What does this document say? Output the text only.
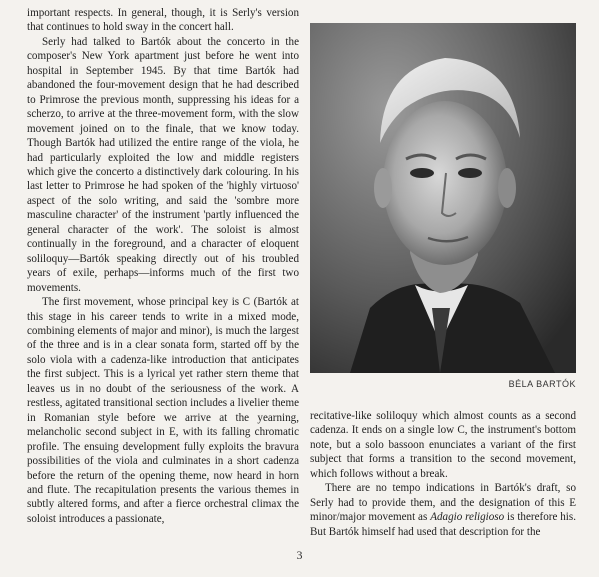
important respects. In general, though, it is Serly's version that continues to hold sway in the concert hall.

Serly had talked to Bartók about the concerto in the composer's New York apartment just before he went into hospital in September 1945. By that time Bartók had abandoned the four-movement design that he had described to Primrose the previous month, suppressing his ideas for a scherzo, to arrive at the three-movement form, with the slow movement joined on to the finale, that we know today. Though Bartók had utilized the entire range of the viola, he had particularly exploited the low and middle registers which give the concerto a distinctively dark colouring. In his last letter to Primrose he had spoken of the 'highly virtuoso' aspect of the solo writing, and said the 'sombre more masculine character' of the instrument 'partly influenced the general character of the work'. The soloist is almost continually in the foreground, and a character of eloquent soliloquy—Bartók speaking directly out of his troubled years of exile, perhaps—informs much of the first two movements.

The first movement, whose principal key is C (Bartók at this stage in his career tends to write in a mixed mode, combining elements of major and minor), is much the largest of the three and is in a clear sonata form, started off by the solo viola with a cadenza-like introduction that anticipates the first subject. This is a lyrical yet rather stern theme that leaves us in no doubt of the seriousness of the work. A restless, agitated transitional section includes a livelier theme in Romanian style before we arrive at the yearning, melancholic second subject in E, with its falling chromatic profile. The ensuing development fully exploits the bravura possibilities of the viola and culminates in a short cadenza before the return of the opening theme, now heard in horn and flute. The recapitulation presents the various themes in subtly altered forms, and after a fierce orchestral climax the soloist introduces a passionate,

BÉLA BARTÓK

recitative-like soliloquy which almost counts as a second cadenza. It ends on a single low C, the instrument's bottom note, but a solo bassoon enunciates a variant of the first subject that forms a transition to the second movement, which follows without a break.

There are no tempo indications in Bartók's draft, so Serly had to provide them, and the designation of this E minor/major movement as Adagio religioso is therefore his. But Bartók himself had used that description for the

3
